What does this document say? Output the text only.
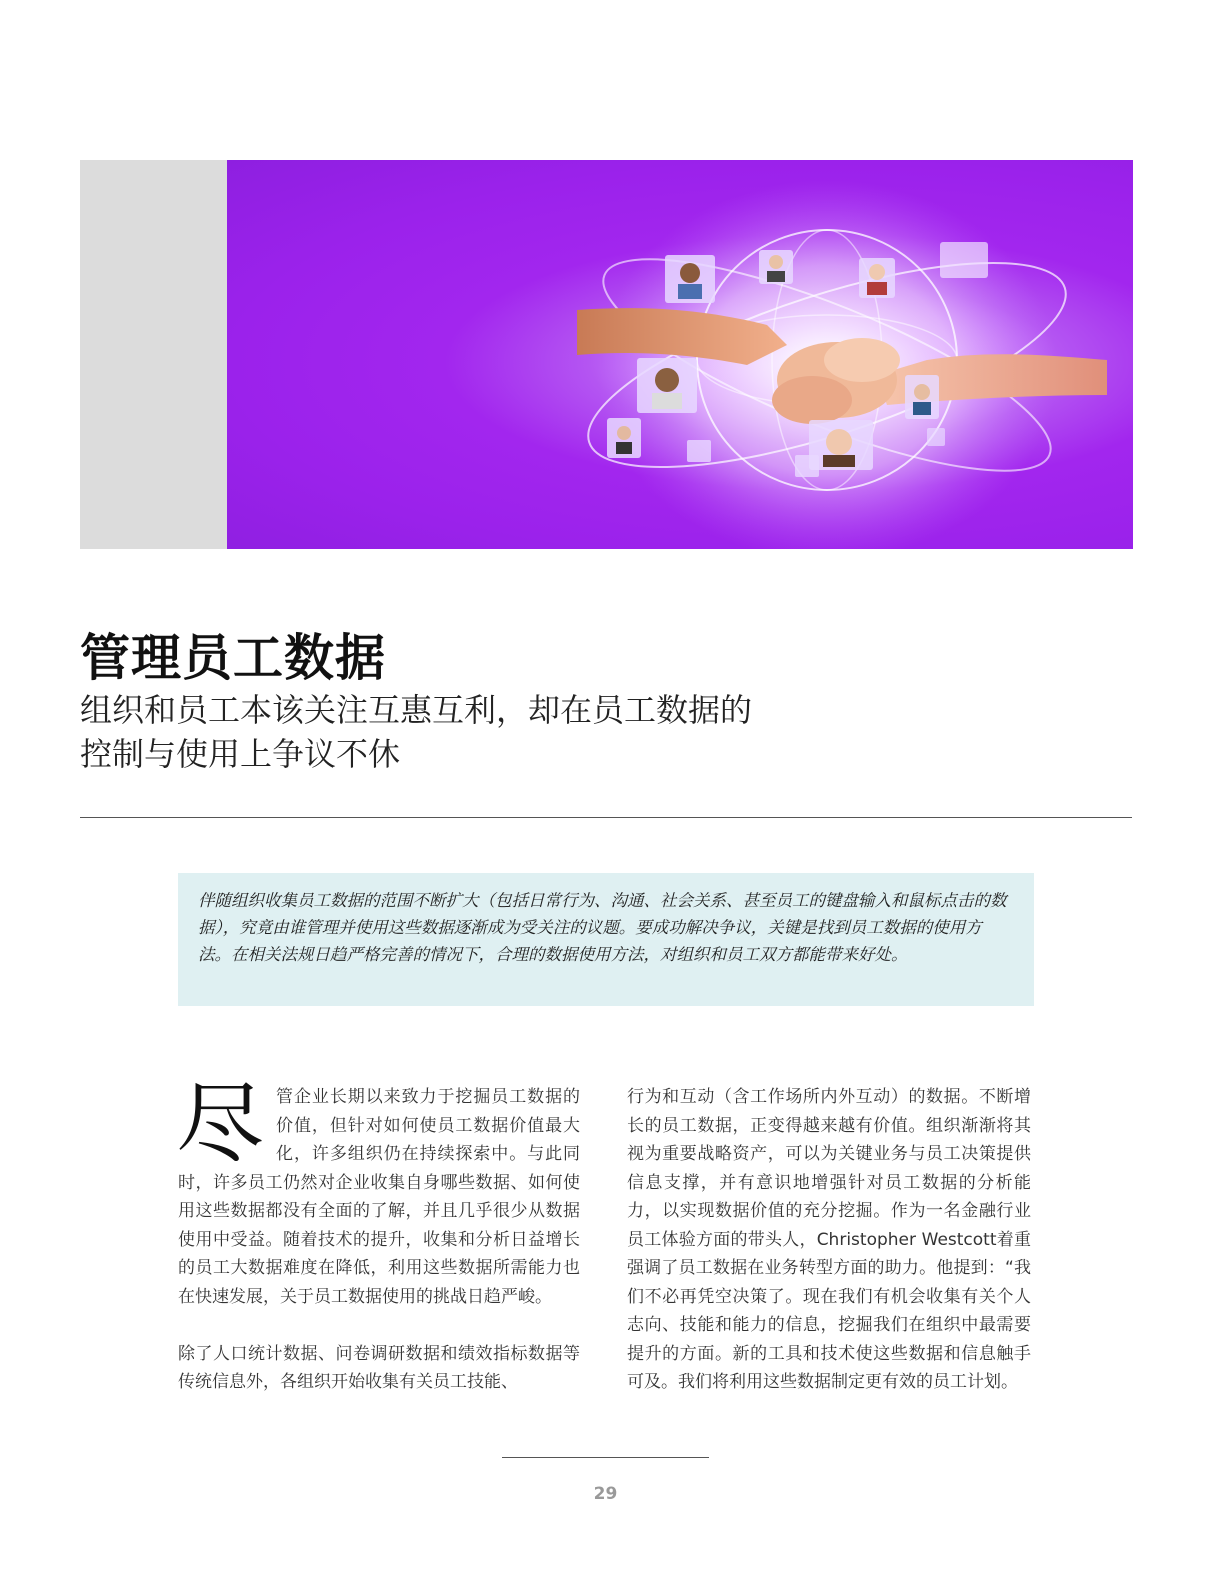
管理员工数据
组织和员工本该关注互惠互利，却在员工数据的控制与使用上争议不休
伴随组织收集员工数据的范围不断扩大（包括日常行为、沟通、社会关系、甚至员工的键盘输入和鼠标点击的数据），究竟由谁管理并使用这些数据逐渐成为受关注的议题。要成功解决争议，关键是找到员工数据的使用方法。在相关法规日趋严格完善的情况下，合理的数据使用方法，对组织和员工双方都能带来好处。

尽管企业长期以来致力于挖掘员工数据的价值，但针对如何使员工数据价值最大化，许多组织仍在持续探索中。与此同时，许多员工仍然对企业收集自身哪些数据、如何使用这些数据都没有全面的了解，并且几乎很少从数据使用中受益。随着技术的提升，收集和分析日益增长的员工大数据难度在降低，利用这些数据所需能力也在快速发展，关于员工数据使用的挑战日趋严峻。

除了人口统计数据、问卷调研数据和绩效指标数据等传统信息外，各组织开始收集有关员工技能、

行为和互动（含工作场所内外互动）的数据。不断增长的员工数据，正变得越来越有价值。组织渐渐将其视为重要战略资产，可以为关键业务与员工决策提供信息支撑，并有意识地增强针对员工数据的分析能力，以实现数据价值的充分挖掘。作为一名金融行业员工体验方面的带头人，Christopher Westcott着重强调了员工数据在业务转型方面的助力。他提到：“我们不必再凭空决策了。现在我们有机会收集有关个人志向、技能和能力的信息，挖掘我们在组织中最需要提升的方面。新的工具和技术使这些数据和信息触手可及。我们将利用这些数据制定更有效的员工计划。

29
